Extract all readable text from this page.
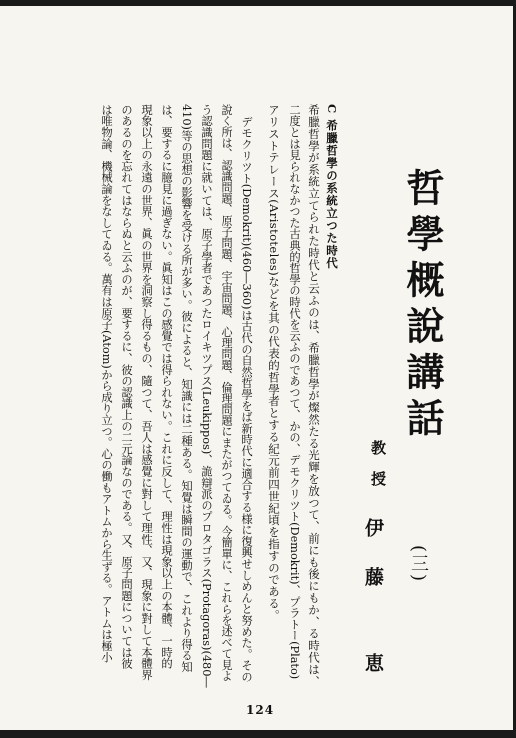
哲學概說講話
(三)
教授
伊藤 恵
C 希臘哲學の系統立つた時代
希臘哲學が系統立てられた時代と云ふのは、希臘哲學が燦然たる光輝を放つて、前にも後にもか、る時代は、
二度とは見られなかつた古典的哲學の時代を云ふのであつて、かの、デモクリツト(Demokrit)、プラトー(Plato)
アリストテレース(Aristoteles)などを其の代表的哲學者とする紀元前四世紀頃を指すのである。
デモクリツト(Demokrit)(460―360)は古代の自然哲學をば新時代に適合する様に復興せしめんと努めた。その
說く所は、認識問題、原子問題、宇宙問題、心理問題、倫理問題にまたがつてゐる。今簡單に、これらを述べて見よ
う認識問題に就いては、原子學者であつたロイキツプス(Leukippos)、詭辯派のプロタゴラス(Protagoras)(480―
410)等の思想の影響を受ける所が多い。彼によると、知識には二種ある。知覺は瞬間の運動で、これより得る知
は、要するに臆見に過ぎない。眞知はこの感覺では得られない。これに反して、理性は現象以上の本體、一時的
現象以上の永遠の世界、眞の世界を洞察し得るもの、隨つて、吾人は感覺に對して理性、又、現象に對して本體界
のあるのを忘れてはならぬと云ふのが、要するに、彼の認識上の二元論なのである。又、原子問題については彼
は唯物論、機械論をなしてゐる。萬有は原子(Atom)から成り立つ。心の働もアトムから生ずる。アトムは極小
124
